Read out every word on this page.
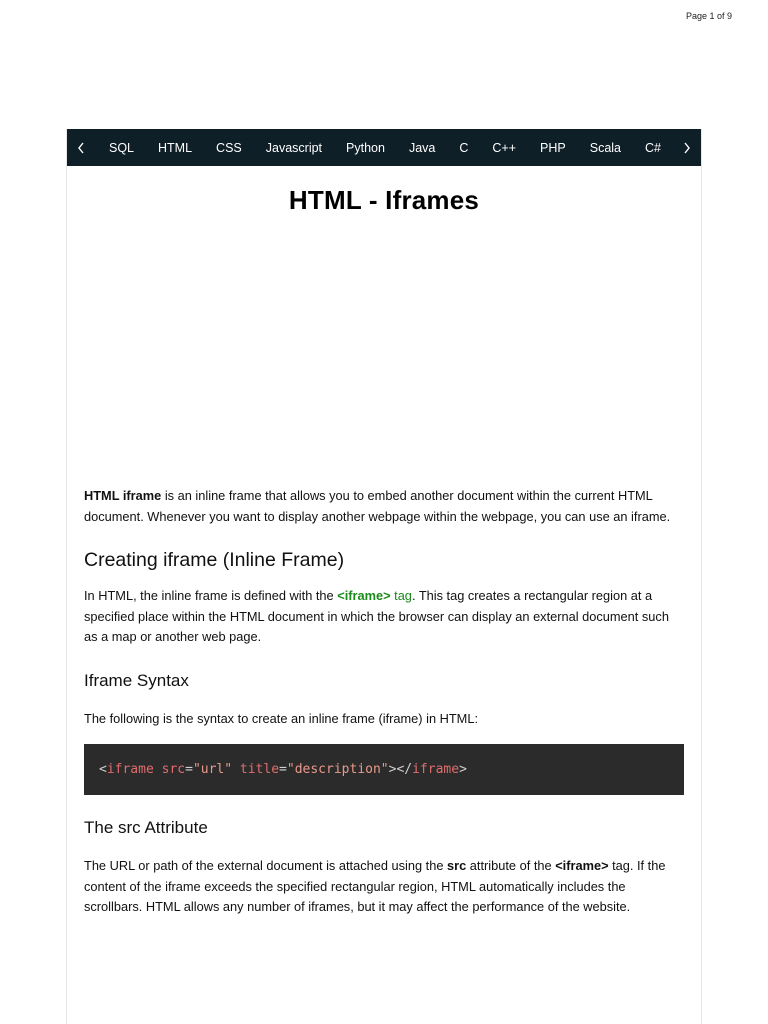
Page 1 of 9
SQL	HTML	CSS	Javascript	Python	Java	C	C++	PHP	Scala	C#
HTML - Iframes

HTML iframe is an inline frame that allows you to embed another document within the current HTML document. Whenever you want to display another webpage within the webpage, you can use an iframe.

Creating iframe (Inline Frame)

In HTML, the inline frame is defined with the <iframe> tag. This tag creates a rectangular region at a specified place within the HTML document in which the browser can display an external document such as a map or another web page.

Iframe Syntax

The following is the syntax to create an inline frame (iframe) in HTML:

< iframe
src = "url"
title = "description" ></ iframe >
The src Attribute

The URL or path of the external document is attached using the src attribute of the <iframe> tag. If the content of the iframe exceeds the specified rectangular region, HTML automatically includes the scrollbars. HTML allows any number of iframes, but it may affect the performance of the website.
